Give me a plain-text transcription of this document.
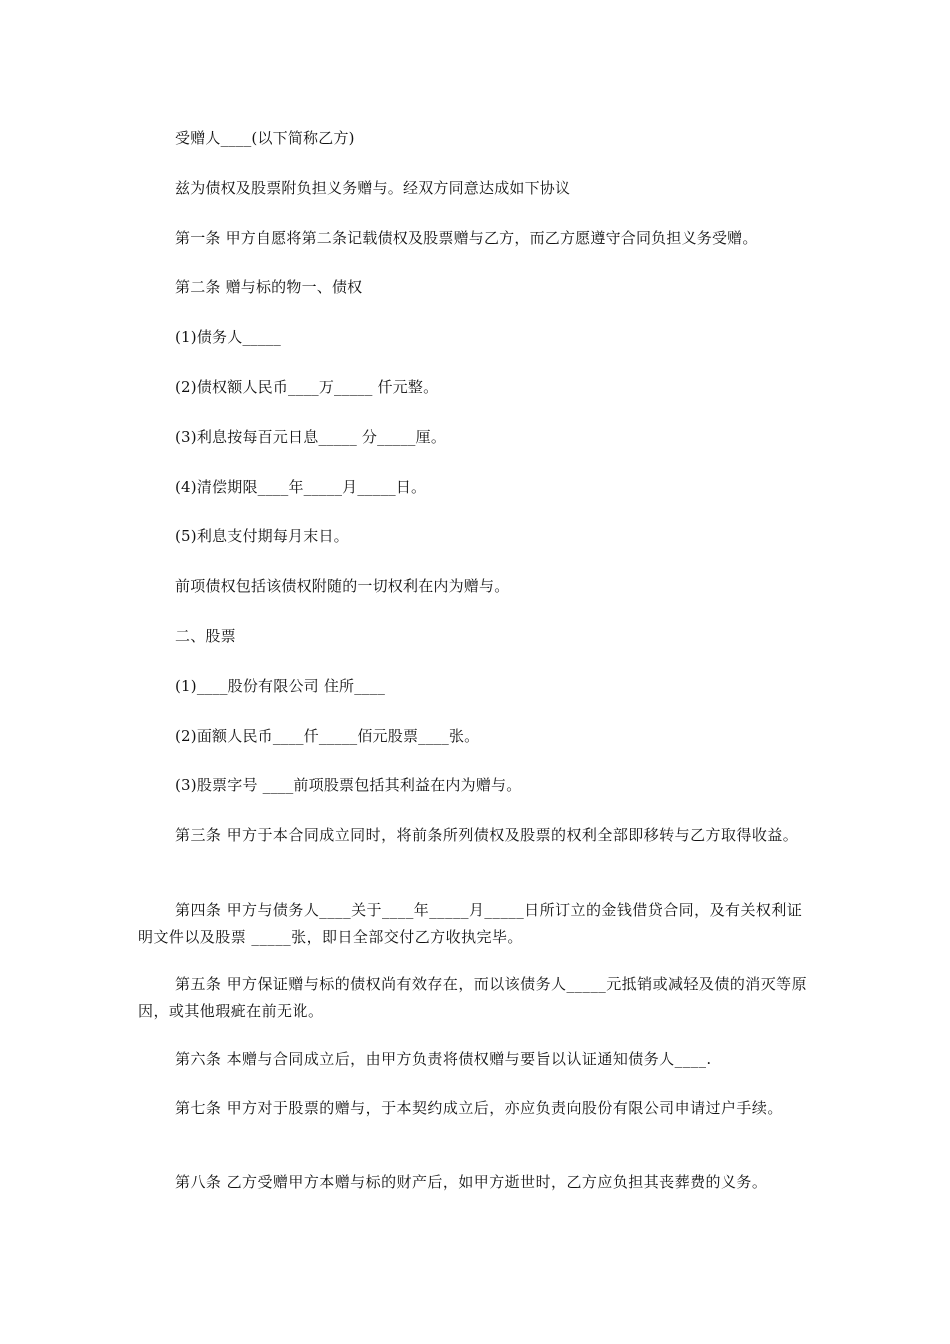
受赠人____(以下简称乙方)
兹为债权及股票附负担义务赠与。经双方同意达成如下协议
第一条 甲方自愿将第二条记载债权及股票赠与乙方，而乙方愿遵守合同负担义务受赠。
第二条 赠与标的物一、债权
(1)债务人_____
(2)债权额人民币____万_____ 仟元整。
(3)利息按每百元日息_____ 分_____厘。
(4)清偿期限____年_____月_____日。
(5)利息支付期每月末日。
前项债权包括该债权附随的一切权利在内为赠与。
二、股票
(1)____股份有限公司 住所____
(2)面额人民币____仟_____佰元股票____张。
(3)股票字号 ____前项股票包括其利益在内为赠与。
第三条 甲方于本合同成立同时，将前条所列债权及股票的权利全部即移转与乙方取得收益。
第四条 甲方与债务人____关于____年_____月_____日所订立的金钱借贷合同，及有关权利证明文件以及股票 _____张，即日全部交付乙方收执完毕。
第五条 甲方保证赠与标的债权尚有效存在，而以该债务人_____元抵销或减轻及债的消灭等原因，或其他瑕疵在前无讹。
第六条 本赠与合同成立后，由甲方负责将债权赠与要旨以认证通知债务人____.
第七条 甲方对于股票的赠与，于本契约成立后，亦应负责向股份有限公司申请过户手续。
第八条 乙方受赠甲方本赠与标的财产后，如甲方逝世时，乙方应负担其丧葬费的义务。
